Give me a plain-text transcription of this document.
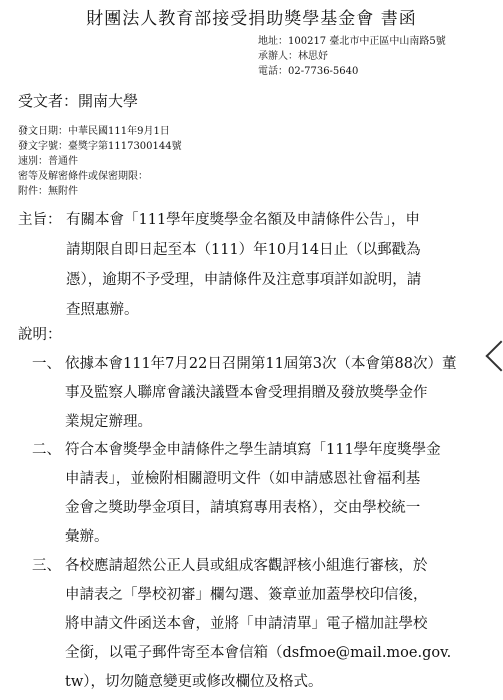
財團法人教育部接受捐助獎學基金會 書函
地址：100217 臺北市中正區中山南路5號
承辦人：林思妤
電話：02-7736-5640
受文者：開南大學
發文日期：中華民國111年9月1日
發文字號：臺獎字第1117300144號
速別：普通件
密等及解密條件或保密期限：
附件：無附件
主旨： 有關本會「111學年度獎學金名額及申請條件公告」，申
請期限自即日起至本（111）年10月14日止（以郵戳為
憑），逾期不予受理，申請條件及注意事項詳如說明，請
查照惠辦。
說明：
一、 依據本會111年7月22日召開第11屆第3次（本會第88次）董
事及監察人聯席會議決議暨本會受理捐贈及發放獎學金作
業規定辦理。
二、 符合本會獎學金申請條件之學生請填寫「111學年度獎學金
申請表」，並檢附相關證明文件（如申請感恩社會福利基
金會之獎助學金項目，請填寫專用表格），交由學校統一
彙辦。
三、 各校應請超然公正人員或組成客觀評核小組進行審核，於
申請表之「學校初審」欄勾選、簽章並加蓋學校印信後，
將申請文件函送本會，並將「申請清單」電子檔加註學校
全銜，以電子郵件寄至本會信箱（dsfmoe@mail.moe.gov.
tw），切勿隨意變更或修改欄位及格式。
